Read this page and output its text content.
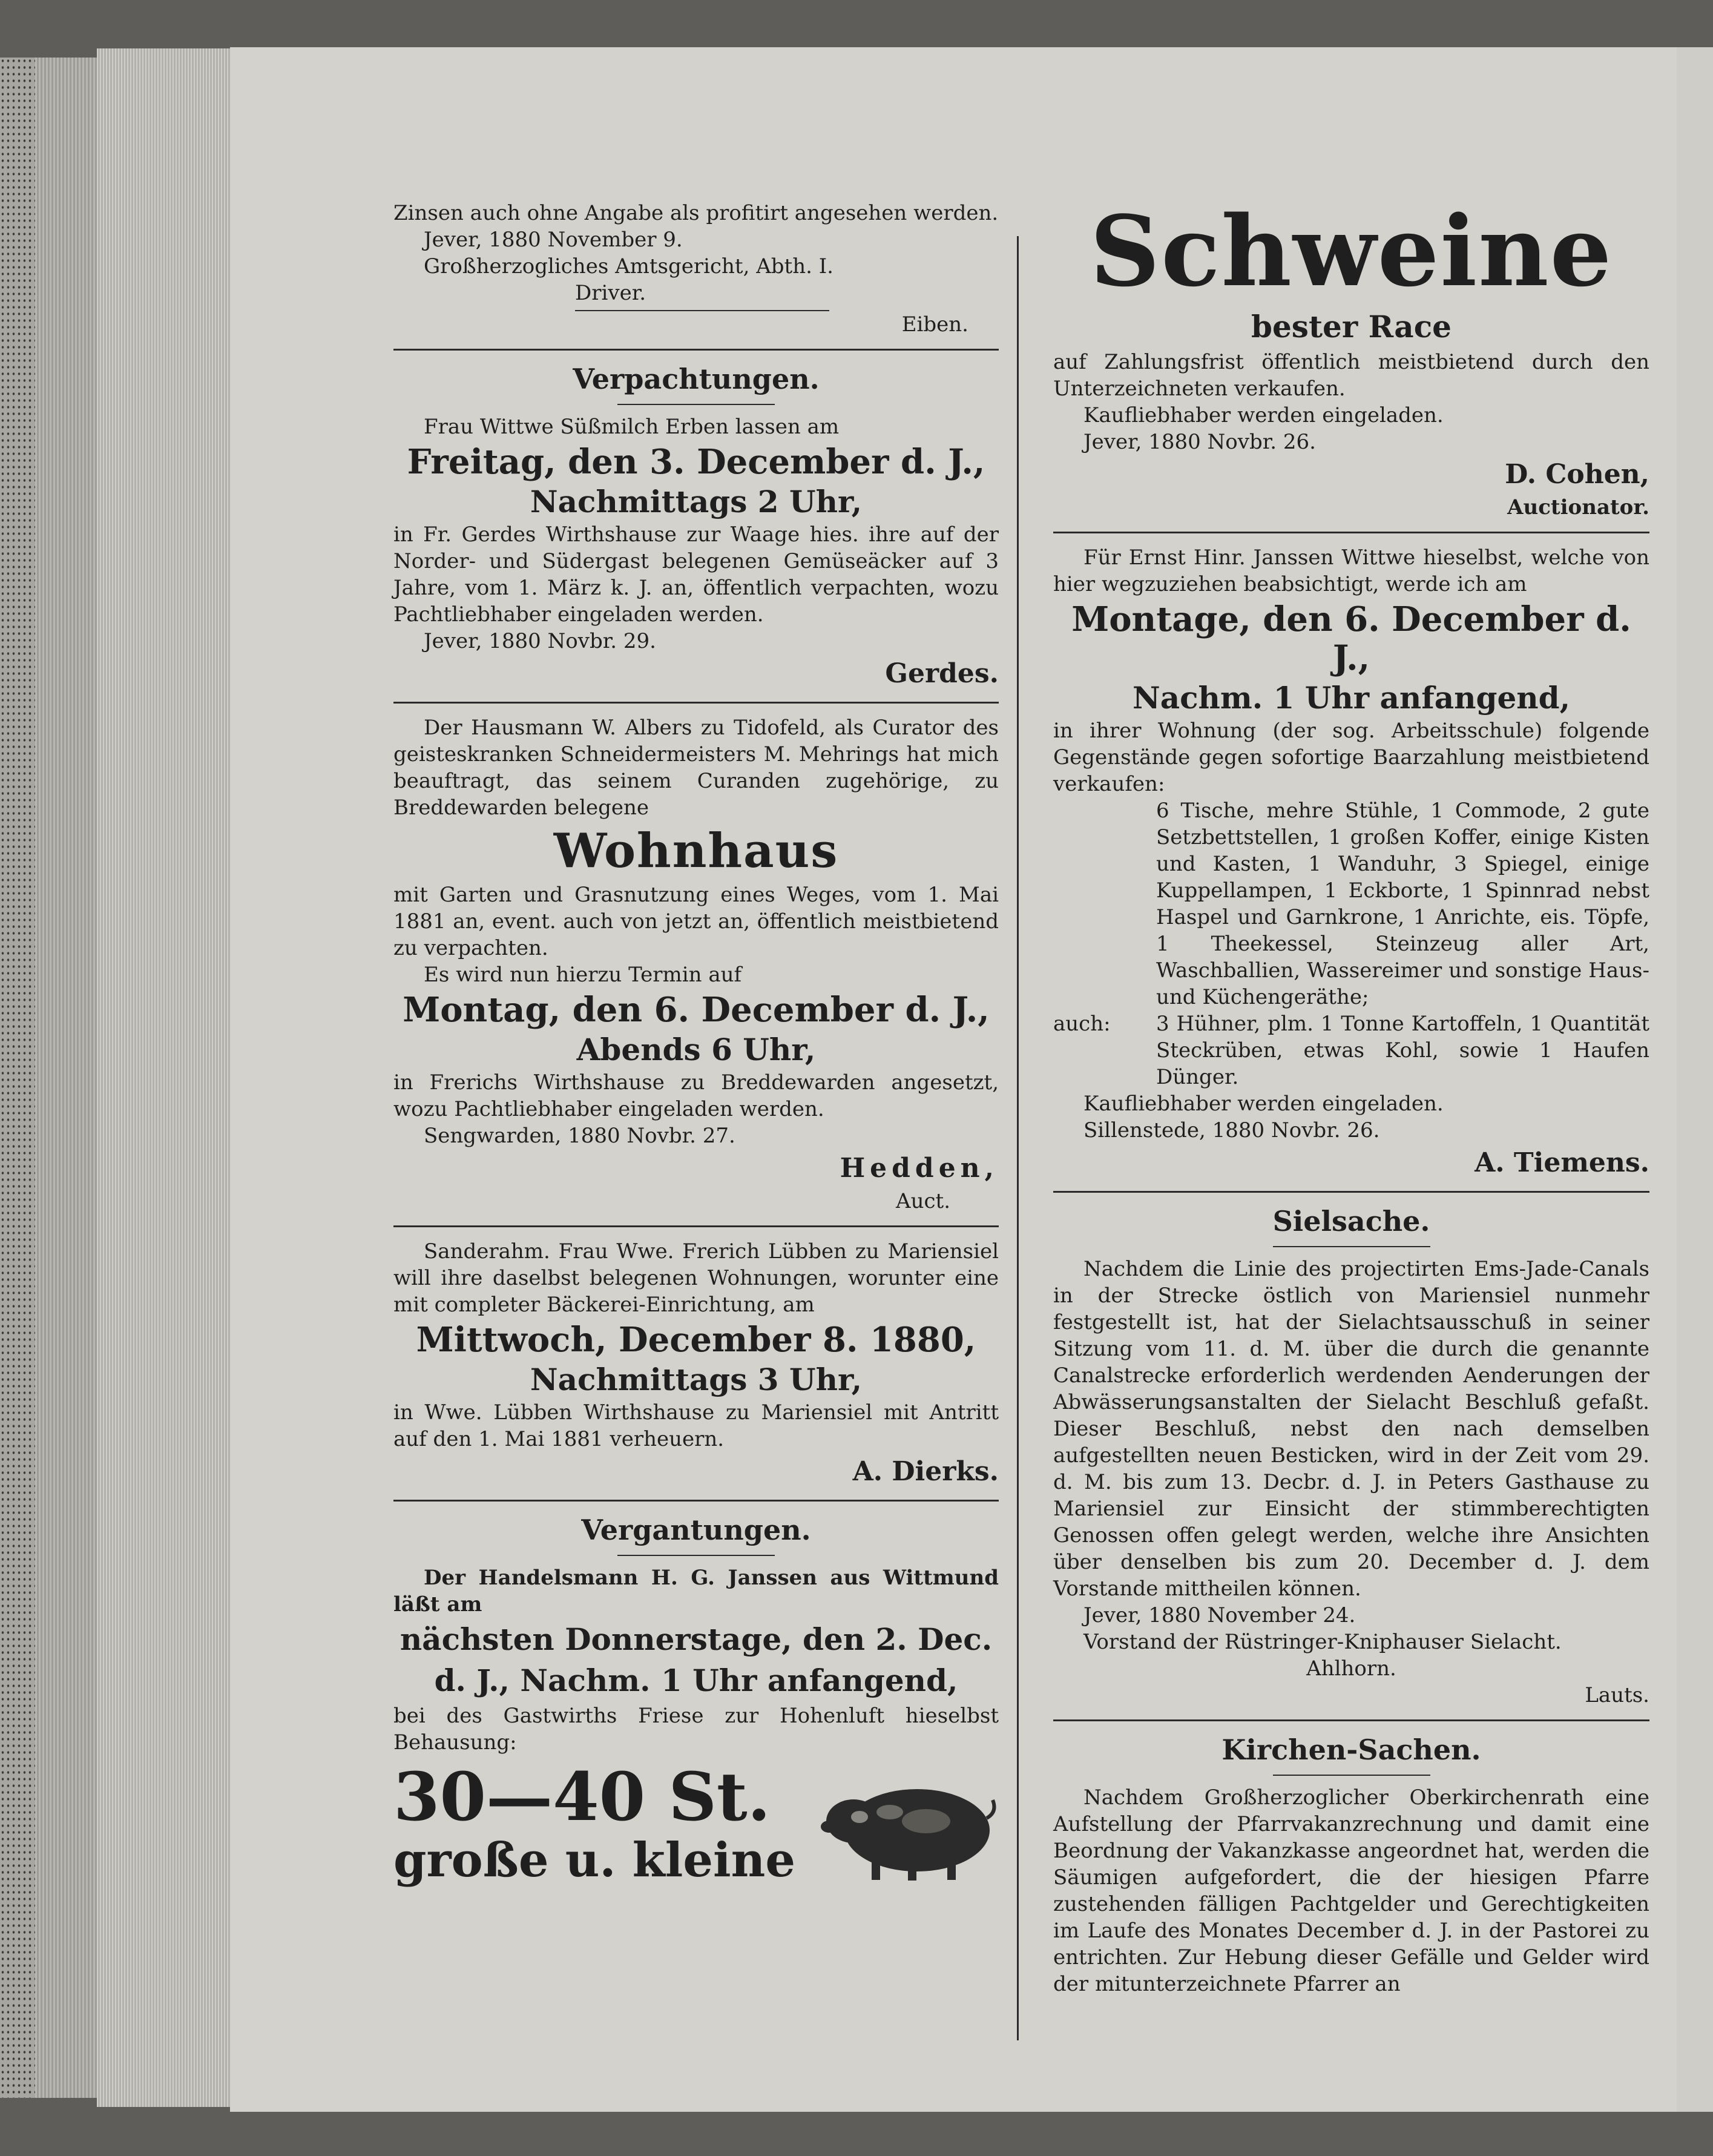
Zinsen auch ohne Angabe als profitirt angesehen werden.

Jever, 1880 November 9.

Großherzogliches Amtsgericht, Abth. I.

Driver.

Eiben.

Verpachtungen.

Frau Wittwe Süßmilch Erben lassen am

Freitag, den 3. December d. J.,

Nachmittags 2 Uhr,

in Fr. Gerdes Wirthshause zur Waage hies. ihre auf der Norder- und Südergast belegenen Gemüseäcker auf 3 Jahre, vom 1. März k. J. an, öffentlich verpachten, wozu Pachtliebhaber eingeladen werden.

Jever, 1880 Novbr. 29.

Gerdes.

Der Hausmann W. Albers zu Tidofeld, als Curator des geisteskranken Schneidermeisters M. Mehrings hat mich beauftragt, das seinem Curanden zugehörige, zu Breddewarden belegene

Wohnhaus

mit Garten und Grasnutzung eines Weges, vom 1. Mai 1881 an, event. auch von jetzt an, öffentlich meistbietend zu verpachten.

Es wird nun hierzu Termin auf

Montag, den 6. December d. J.,

Abends 6 Uhr,

in Frerichs Wirthshause zu Breddewarden angesetzt, wozu Pachtliebhaber eingeladen werden.

Sengwarden, 1880 Novbr. 27.

Hedden,

Auct.

Sanderahm. Frau Wwe. Frerich Lübben zu Mariensiel will ihre daselbst belegenen Wohnungen, worunter eine mit completer Bäckerei-Einrichtung, am

Mittwoch, December 8. 1880,

Nachmittags 3 Uhr,

in Wwe. Lübben Wirthshause zu Mariensiel mit Antritt auf den 1. Mai 1881 verheuern.

A. Dierks.

Vergantungen.

Der Handelsmann H. G. Janssen aus Wittmund läßt am

nächsten Donnerstage, den 2. Dec.

d. J., Nachm. 1 Uhr anfangend,

bei des Gastwirths Friese zur Hohenluft hieselbst Behausung:

30—40 St.
große u. kleine

Schweine

bester Race

auf Zahlungsfrist öffentlich meistbietend durch den Unterzeichneten verkaufen.

Kaufliebhaber werden eingeladen.

Jever, 1880 Novbr. 26.

D. Cohen,

Auctionator.

Für Ernst Hinr. Janssen Wittwe hieselbst, welche von hier wegzuziehen beabsichtigt, werde ich am

Montage, den 6. December d. J.,

Nachm. 1 Uhr anfangend,

in ihrer Wohnung (der sog. Arbeitsschule) folgende Gegenstände gegen sofortige Baarzahlung meistbietend verkaufen:

6 Tische, mehre Stühle, 1 Commode, 2 gute Setzbettstellen, 1 großen Koffer, einige Kisten und Kasten, 1 Wanduhr, 3 Spiegel, einige Kuppellampen, 1 Eckborte, 1 Spinnrad nebst Haspel und Garnkrone, 1 Anrichte, eis. Töpfe, 1 Theekessel, Steinzeug aller Art, Waschballien, Wassereimer und sonstige Haus- und Küchengeräthe;

auch:	3 Hühner, plm. 1 Tonne Kartoffeln, 1 Quantität Steckrüben, etwas Kohl, sowie 1 Haufen Dünger.

Kaufliebhaber werden eingeladen.

Sillenstede, 1880 Novbr. 26.

A. Tiemens.

Sielsache.

Nachdem die Linie des projectirten Ems-Jade-Canals in der Strecke östlich von Mariensiel nunmehr festgestellt ist, hat der Sielachtsausschuß in seiner Sitzung vom 11. d. M. über die durch die genannte Canalstrecke erforderlich werdenden Aenderungen der Abwässerungsanstalten der Sielacht Beschluß gefaßt. Dieser Beschluß, nebst den nach demselben aufgestellten neuen Besticken, wird in der Zeit vom 29. d. M. bis zum 13. Decbr. d. J. in Peters Gasthause zu Mariensiel zur Einsicht der stimmberechtigten Genossen offen gelegt werden, welche ihre Ansichten über denselben bis zum 20. December d. J. dem Vorstande mittheilen können.

Jever, 1880 November 24.

Vorstand der Rüstringer-Kniphauser Sielacht.

Ahlhorn.

Lauts.

Kirchen-Sachen.

Nachdem Großherzoglicher Oberkirchenrath eine Aufstellung der Pfarrvakanzrechnung und damit eine Beordnung der Vakanzkasse angeordnet hat, werden die Säumigen aufgefordert, die der hiesigen Pfarre zustehenden fälligen Pachtgelder und Gerechtigkeiten im Laufe des Monates December d. J. in der Pastorei zu entrichten. Zur Hebung dieser Gefälle und Gelder wird der mitunterzeichnete Pfarrer an
